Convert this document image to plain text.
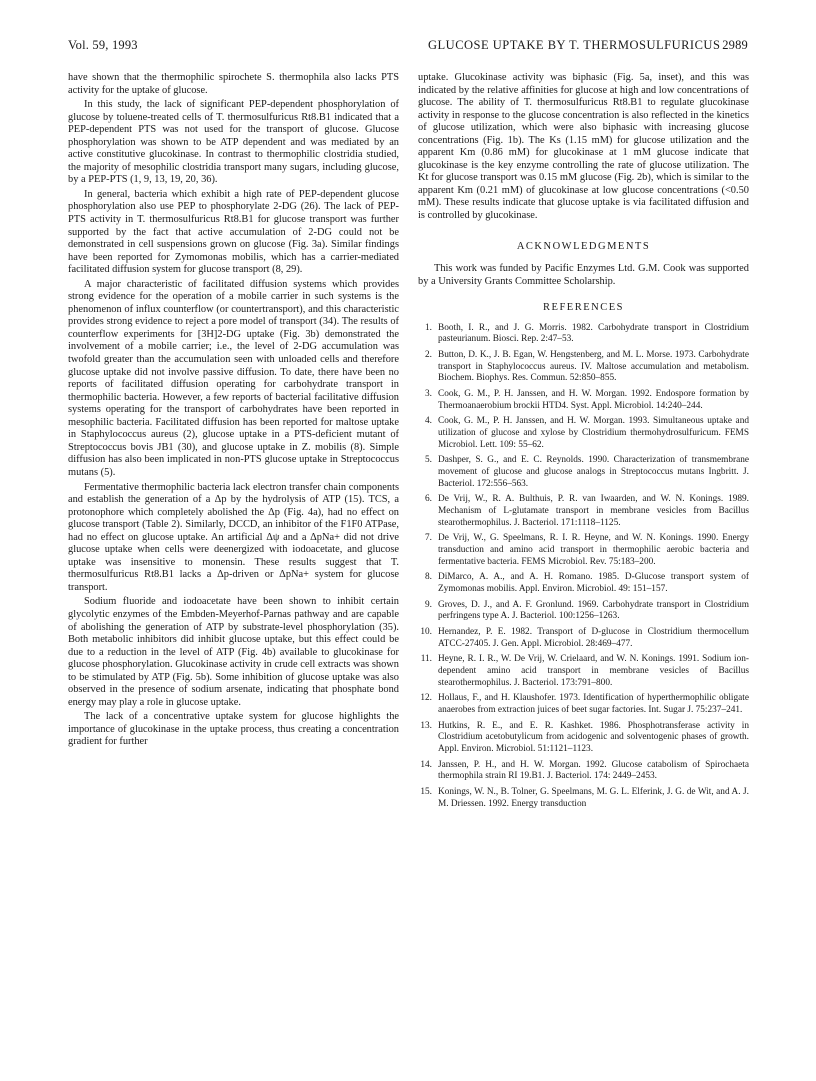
Vol. 59, 1993	GLUCOSE UPTAKE BY T. THERMOSULFURICUS 2989

have shown that the thermophilic spirochete S. thermophila also lacks PTS activity for the uptake of glucose.

In this study, the lack of significant PEP-dependent phosphorylation of glucose by toluene-treated cells of T. thermosulfuricus Rt8.B1 indicated that a PEP-dependent PTS was not used for the transport of glucose. Glucose phosphorylation was shown to be ATP dependent and was mediated by an active constitutive glucokinase. In contrast to thermophilic clostridia studied, the majority of mesophilic clostridia transport many sugars, including glucose, by a PEP-PTS (1, 9, 13, 19, 20, 36).

In general, bacteria which exhibit a high rate of PEP-dependent glucose phosphorylation also use PEP to phosphorylate 2-DG (26). The lack of PEP-PTS activity in T. thermosulfuricus Rt8.B1 for glucose transport was further supported by the fact that active accumulation of 2-DG could not be demonstrated in cell suspensions grown on glucose (Fig. 3a). Similar findings have been reported for Zymomonas mobilis, which has a carrier-mediated facilitated diffusion system for glucose transport (8, 29).

A major characteristic of facilitated diffusion systems which provides strong evidence for the operation of a mobile carrier in such systems is the phenomenon of influx counterflow (or countertransport), and this characteristic provides strong evidence to reject a pore model of transport (34). The results of counterflow experiments for [3H]2-DG uptake (Fig. 3b) demonstrated the involvement of a mobile carrier; i.e., the level of 2-DG accumulation was twofold greater than the accumulation seen with unloaded cells and therefore glucose uptake did not involve passive diffusion. To date, there have been no reports of facilitated diffusion operating for carbohydrate transport in thermophilic bacteria. However, a few reports of bacterial facilitative diffusion systems operating for the transport of carbohydrates have been reported in mesophilic bacteria. Facilitated diffusion has been reported for maltose uptake in Staphylococcus aureus (2), glucose uptake in a PTS-deficient mutant of Streptococcus bovis JB1 (30), and glucose uptake in Z. mobilis (8). Simple diffusion has also been implicated in non-PTS glucose uptake in Streptococcus mutans (5).

Fermentative thermophilic bacteria lack electron transfer chain components and establish the generation of a Δp by the hydrolysis of ATP (15). TCS, a protonophore which completely abolished the Δp (Fig. 4a), had no effect on glucose transport (Table 2). Similarly, DCCD, an inhibitor of the F1F0 ATPase, had no effect on glucose uptake. An artificial Δψ and a ΔpNa+ did not drive glucose uptake when cells were deenergized with iodoacetate, and glucose uptake was insensitive to monensin. These results suggest that T. thermosulfuricus Rt8.B1 lacks a Δp-driven or ΔpNa+ system for glucose transport.

Sodium fluoride and iodoacetate have been shown to inhibit certain glycolytic enzymes of the Embden-Meyerhof-Parnas pathway and are capable of abolishing the generation of ATP by substrate-level phosphorylation (35). Both metabolic inhibitors did inhibit glucose uptake, but this effect could be due to a reduction in the level of ATP (Fig. 4b) available to glucokinase for glucose phosphorylation. Glucokinase activity in crude cell extracts was shown to be stimulated by ATP (Fig. 5b). Some inhibition of glucose uptake was also observed in the presence of sodium arsenate, indicating that phosphate bond energy may play a role in glucose uptake.

The lack of a concentrative uptake system for glucose highlights the importance of glucokinase in the uptake process, thus creating a concentration gradient for further

uptake. Glucokinase activity was biphasic (Fig. 5a, inset), and this was indicated by the relative affinities for glucose at high and low concentrations of glucose. The ability of T. thermosulfuricus Rt8.B1 to regulate glucokinase activity in response to the glucose concentration is also reflected in the kinetics of glucose utilization, which were also biphasic with increasing glucose concentrations (Fig. 1b). The Ks (1.15 mM) for glucose utilization and the apparent Km (0.86 mM) for glucokinase at 1 mM glucose indicate that glucokinase is the key enzyme controlling the rate of glucose utilization. The Kt for glucose transport was 0.15 mM glucose (Fig. 2b), which is similar to the apparent Km (0.21 mM) of glucokinase at low glucose concentrations (<0.50 mM). These results indicate that glucose uptake is via facilitated diffusion and is controlled by glucokinase.

ACKNOWLEDGMENTS

This work was funded by Pacific Enzymes Ltd. G.M. Cook was supported by a University Grants Committee Scholarship.

REFERENCES
1. Booth, I. R., and J. G. Morris. 1982. Carbohydrate transport in Clostridium pasteurianum. Biosci. Rep. 2:47–53.
2. Button, D. K., J. B. Egan, W. Hengstenberg, and M. L. Morse. 1973. Carbohydrate transport in Staphylococcus aureus. IV. Maltose accumulation and metabolism. Biochem. Biophys. Res. Commun. 52:850–855.
3. Cook, G. M., P. H. Janssen, and H. W. Morgan. 1992. Endospore formation by Thermoanaerobium brockii HTD4. Syst. Appl. Microbiol. 14:240–244.
4. Cook, G. M., P. H. Janssen, and H. W. Morgan. 1993. Simultaneous uptake and utilization of glucose and xylose by Clostridium thermohydrosulfuricum. FEMS Microbiol. Lett. 109: 55–62.
5. Dashper, S. G., and E. C. Reynolds. 1990. Characterization of transmembrane movement of glucose and glucose analogs in Streptococcus mutans Ingbritt. J. Bacteriol. 172:556–563.
6. De Vrij, W., R. A. Bulthuis, P. R. van Iwaarden, and W. N. Konings. 1989. Mechanism of L-glutamate transport in membrane vesicles from Bacillus stearothermophilus. J. Bacteriol. 171:1118–1125.
7. De Vrij, W., G. Speelmans, R. I. R. Heyne, and W. N. Konings. 1990. Energy transduction and amino acid transport in thermophilic aerobic bacteria and fermentative bacteria. FEMS Microbiol. Rev. 75:183–200.
8. DiMarco, A. A., and A. H. Romano. 1985. D-Glucose transport system of Zymomonas mobilis. Appl. Environ. Microbiol. 49: 151–157.
9. Groves, D. J., and A. F. Gronlund. 1969. Carbohydrate transport in Clostridium perfringens type A. J. Bacteriol. 100:1256–1263.
10. Hernandez, P. E. 1982. Transport of D-glucose in Clostridium thermocellum ATCC-27405. J. Gen. Appl. Microbiol. 28:469–477.
11. Heyne, R. I. R., W. De Vrij, W. Crielaard, and W. N. Konings. 1991. Sodium ion-dependent amino acid transport in membrane vesicles of Bacillus stearothermophilus. J. Bacteriol. 173:791–800.
12. Hollaus, F., and H. Klaushofer. 1973. Identification of hyperthermophilic obligate anaerobes from extraction juices of beet sugar factories. Int. Sugar J. 75:237–241.
13. Hutkins, R. E., and E. R. Kashket. 1986. Phosphotransferase activity in Clostridium acetobutylicum from acidogenic and solventogenic phases of growth. Appl. Environ. Microbiol. 51:1121–1123.
14. Janssen, P. H., and H. W. Morgan. 1992. Glucose catabolism of Spirochaeta thermophila strain RI 19.B1. J. Bacteriol. 174: 2449–2453.
15. Konings, W. N., B. Tolner, G. Speelmans, M. G. L. Elferink, J. G. de Wit, and A. J. M. Driessen. 1992. Energy transduction
